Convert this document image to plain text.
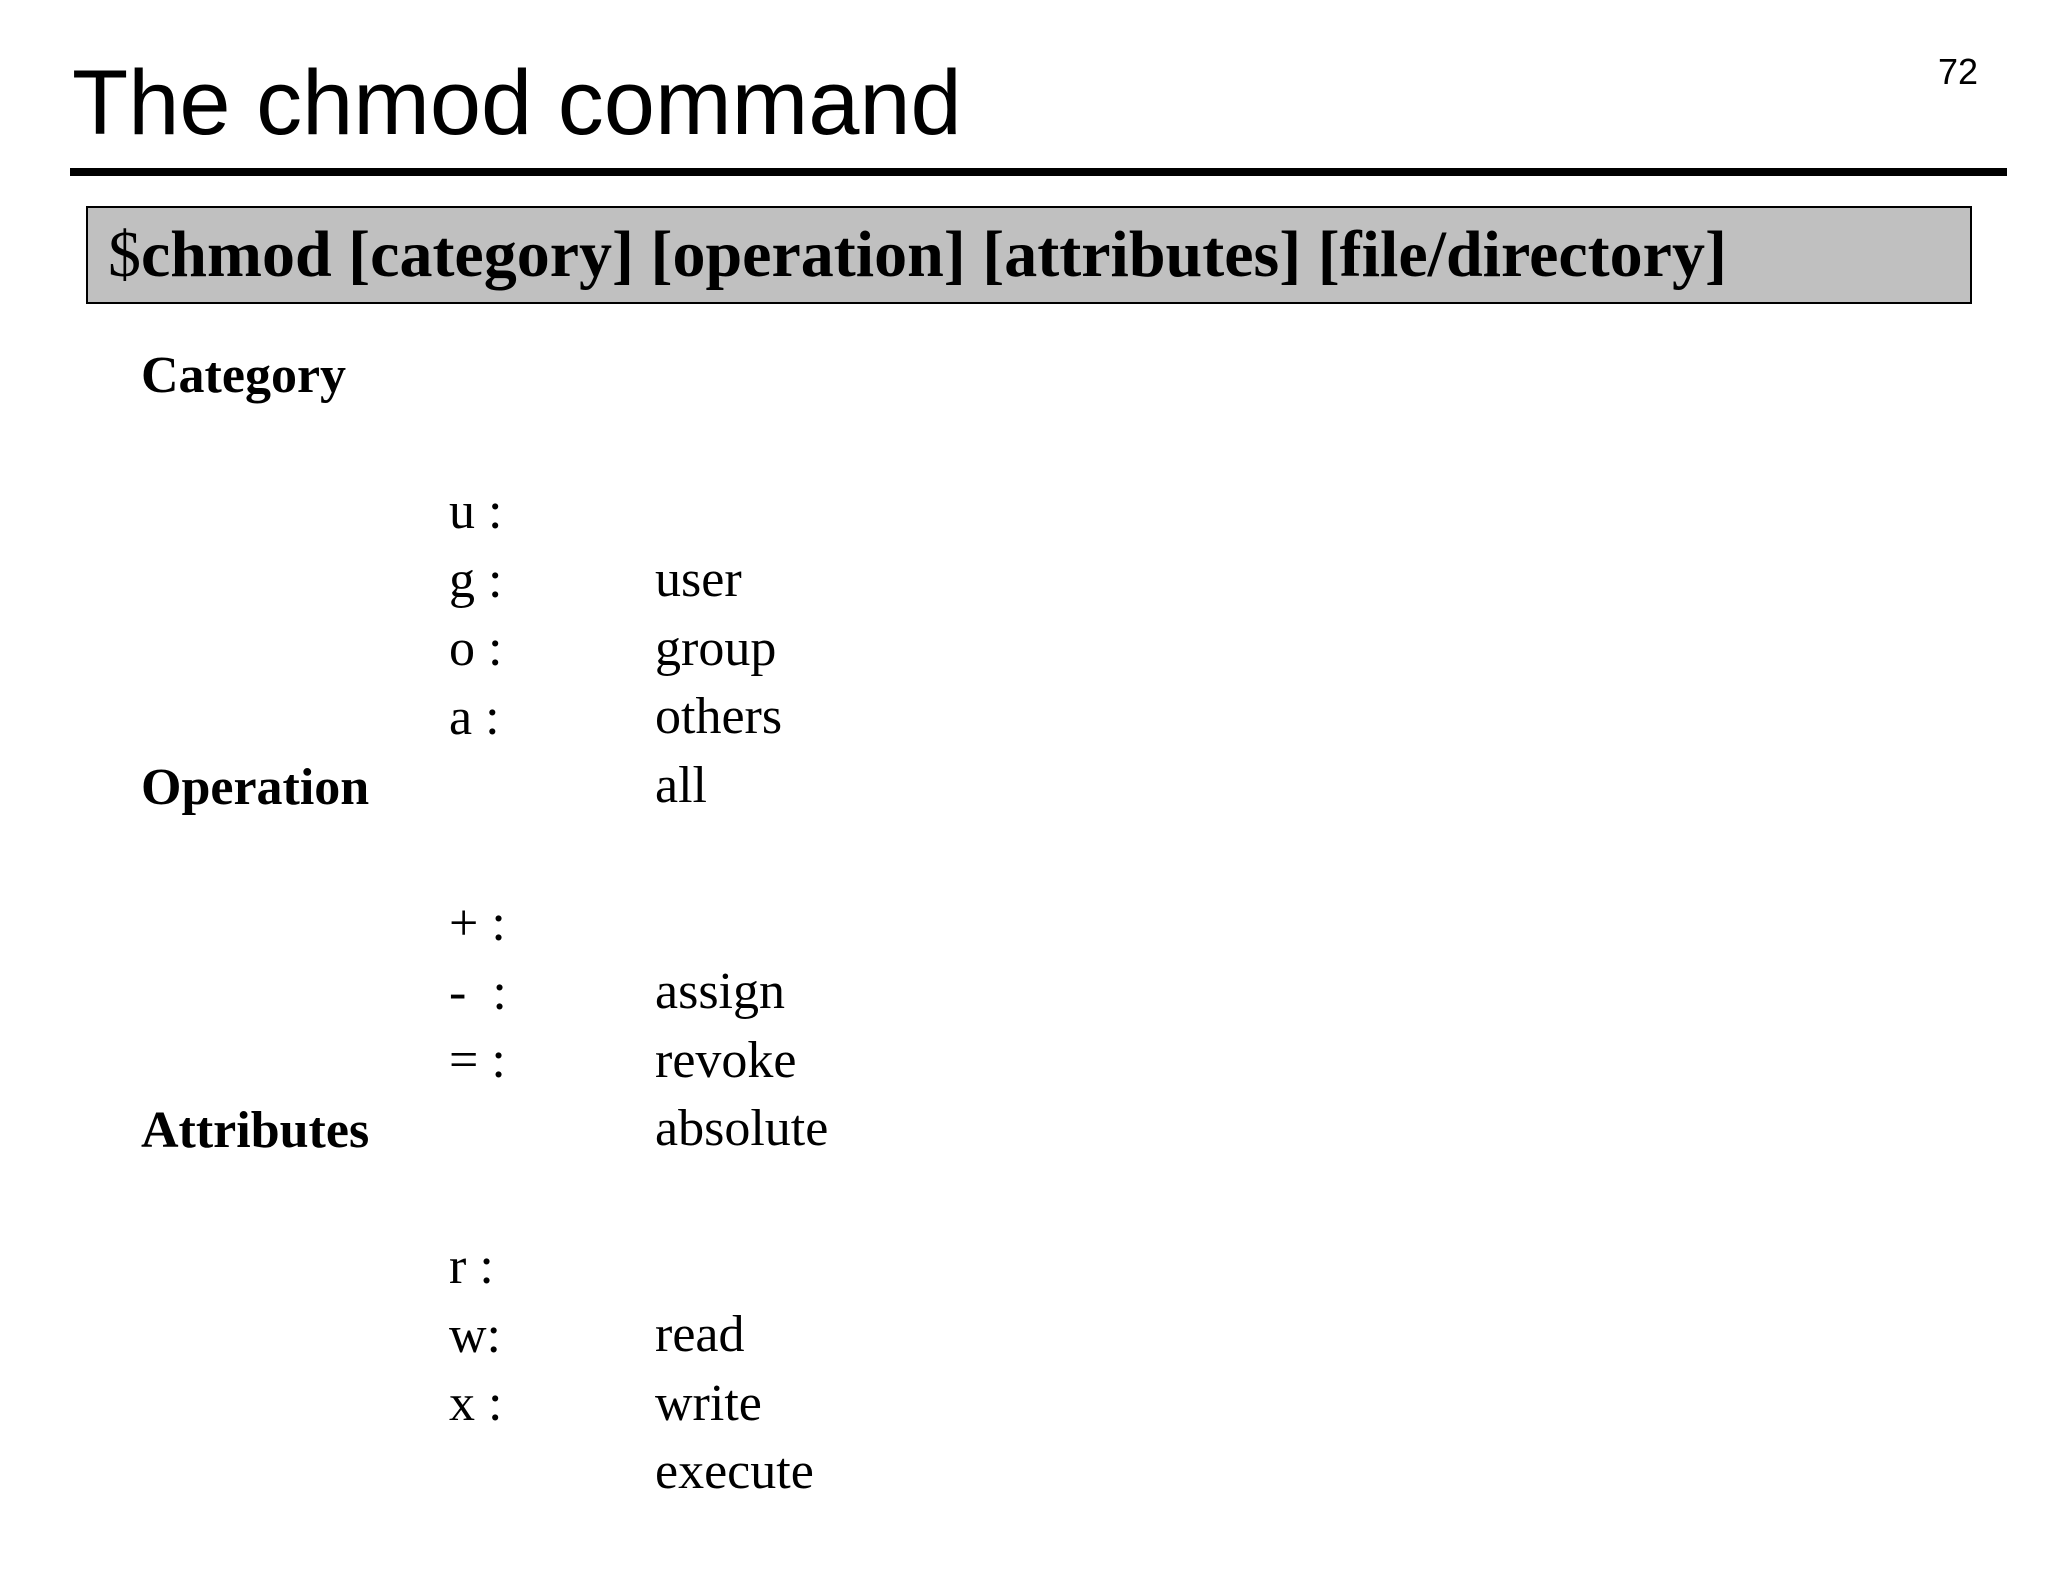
The chmod command	72
$chmod [category] [operation] [attributes] [file/directory]
Category

u :

user

g :

group

o :

others

a :

all

Operation

+ :

assign

-  :

revoke

= :

absolute

Attributes

r :

read

w:

write

x :

execute
